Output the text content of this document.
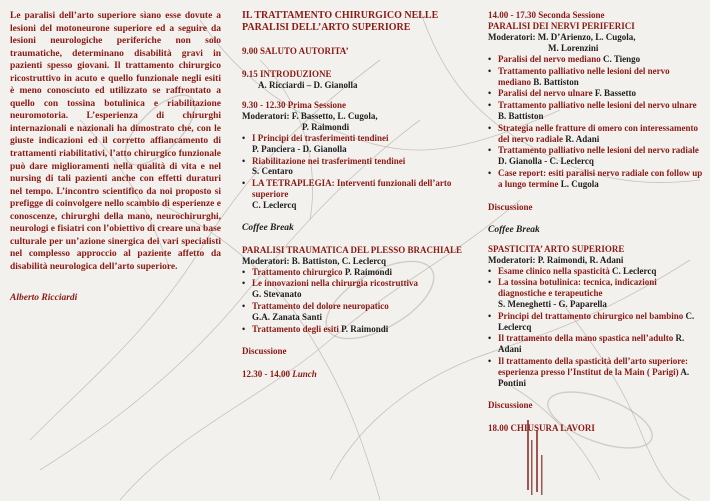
Le paralisi dell’arto superiore sìano esse dovute a lesioni del motoneurone superiore ed a seguire da lesioni neurologiche periferiche non solo traumatiche, determinano disabilità gravi in pazienti spesso giovani. Il trattamento chirurgico ricostruttivo in acuto e quello funzionale negli esiti è meno conosciuto ed utilizzato se raffrontato a quello con tossina botulinica e riabilitazione neuromotoria. L’esperienza di chirurghi internazionali e nazionali ha dimostrato che, con le giuste indicazioni ed il corretto affiancamento di trattamenti riabilitativi, l’atto chirurgico funzionale può dare miglioramenti nella qualità di vita e nel nursing di tali pazienti anche con effetti duraturi nel tempo. L’incontro scientifico da noi proposto si prefigge di coinvolgere nello scambio di esperienze e conoscenze, chirurghi della mano, neurochirurghi, neurologi e fisiatri con l’obiettivo di creare una base culturale per un’azione sinergica dei vari specialisti nel complesso approccio al paziente affetto da disabilità neurologica dell’arto superiore.

Alberto Ricciardi

IL TRATTAMENTO CHIRURGICO NELLE PARALISI DELL’ARTO SUPERIORE

9.00 SALUTO AUTORITA’

9.15 INTRODUZIONE

A. Ricciardi – D. Gianolla

9.30 - 12.30 Prima Sessione

Moderatori: F. Bassetto, L. Cugola,

P. Raimondi

• I Principi dei trasferimenti tendinei
P. Panciera - D. Gianolla
• Riabilitazione nei trasferimenti tendinei
S. Centaro
• LA TETRAPLEGIA: Interventi funzionali dell’arto superiore
C. Leclercq
Coffee Break

PARALISI TRAUMATICA DEL PLESSO BRACHIALE

Moderatori: B. Battiston, C. Leclercq

• Trattamento chirurgico P. Raimondi
• Le innovazioni nella chirurgia ricostruttiva
G. Stevanato
• Trattamento del dolore neuropatico
G.A. Zanata Santi
• Trattamento degli esiti P. Raimondi

Discussione

12.30 - 14.00 Lunch

14.00 - 17.30 Seconda Sessione

PARALISI DEI NERVI PERIFERICI

Moderatori: M. D’Arienzo, L. Cugola,

M. Lorenzini

• Paralisi del nervo mediano C. Tiengo
• Trattamento palliativo nelle lesioni del nervo mediano B. Battiston
• Paralisi del nervo ulnare F. Bassetto
• Trattamento palliativo nelle lesioni del nervo ulnare B. Battiston
• Strategia nelle fratture di omero con interessamento del nervo radiale R. Adani
• Trattamento palliativo nelle lesioni del nervo radiale D. Gianolla - C. Leclercq
• Case report: esiti paralisi nervo radiale con follow up a lungo termine L. Cugola

Discussione

Coffee Break

SPASTICITA’ ARTO SUPERIORE

Moderatori: P. Raimondi, R. Adani

• Esame clinico nella spasticità C. Leclercq
• La tossina botulinica: tecnica, indicazioni diagnostiche e terapeutiche
S. Meneghetti - G. Paparella
• Principi del trattamento chirurgico nel bambino C. Leclercq
• Il trattamento della mano spastica nell’adulto R. Adani
• Il trattamento della spasticità dell’arto superiore: esperienza presso l’Institut de la Main ( Parigi) A. Pontini

Discussione

18.00 CHIUSURA LAVORI
